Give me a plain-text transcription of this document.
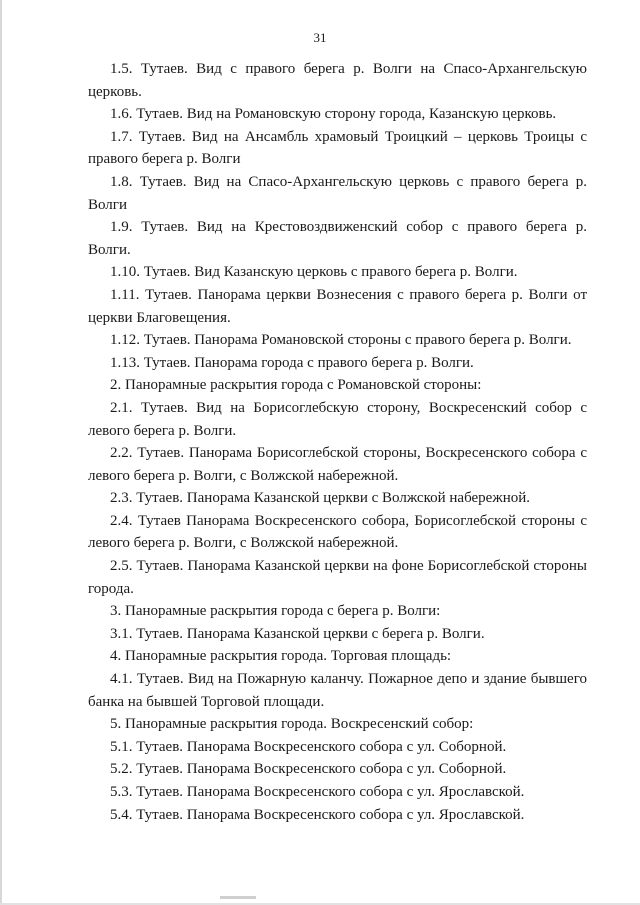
31

1.5. Тутаев. Вид с правого берега р. Волги на Спасо-Архангельскую церковь.

1.6. Тутаев. Вид на Романовскую сторону города, Казанскую церковь.

1.7. Тутаев. Вид на Ансамбль храмовый Троицкий – церковь Троицы с правого берега р. Волги

1.8. Тутаев. Вид на Спасо-Архангельскую церковь с правого берега р. Волги

1.9. Тутаев. Вид на Крестовоздвиженский собор с правого берега р. Волги.

1.10. Тутаев. Вид Казанскую церковь с правого берега р. Волги.

1.11. Тутаев. Панорама церкви Вознесения с правого берега р. Волги от церкви Благовещения.

1.12. Тутаев. Панорама Романовской стороны с правого берега р. Волги.

1.13. Тутаев. Панорама города с правого берега р. Волги.

2. Панорамные раскрытия города с Романовской стороны:

2.1. Тутаев. Вид на Борисоглебскую сторону, Воскресенский собор с левого берега р. Волги.

2.2. Тутаев. Панорама Борисоглебской стороны, Воскресенского собора с левого берега р. Волги, с Волжской набережной.

2.3. Тутаев. Панорама Казанской церкви с Волжской набережной.

2.4. Тутаев Панорама Воскресенского собора, Борисоглебской стороны с левого берега р. Волги, с Волжской набережной.

2.5. Тутаев. Панорама Казанской церкви на фоне Борисоглебской стороны города.

3. Панорамные раскрытия города с берега р. Волги:

3.1. Тутаев. Панорама Казанской церкви с берега р. Волги.

4. Панорамные раскрытия города. Торговая площадь:

4.1. Тутаев. Вид на Пожарную каланчу. Пожарное депо и здание бывшего банка на бывшей Торговой площади.

5. Панорамные раскрытия города. Воскресенский собор:

5.1. Тутаев. Панорама Воскресенского собора с ул. Соборной.

5.2. Тутаев. Панорама Воскресенского собора с ул. Соборной.

5.3. Тутаев. Панорама Воскресенского собора с ул. Ярославской.

5.4. Тутаев. Панорама Воскресенского собора с ул. Ярославской.
